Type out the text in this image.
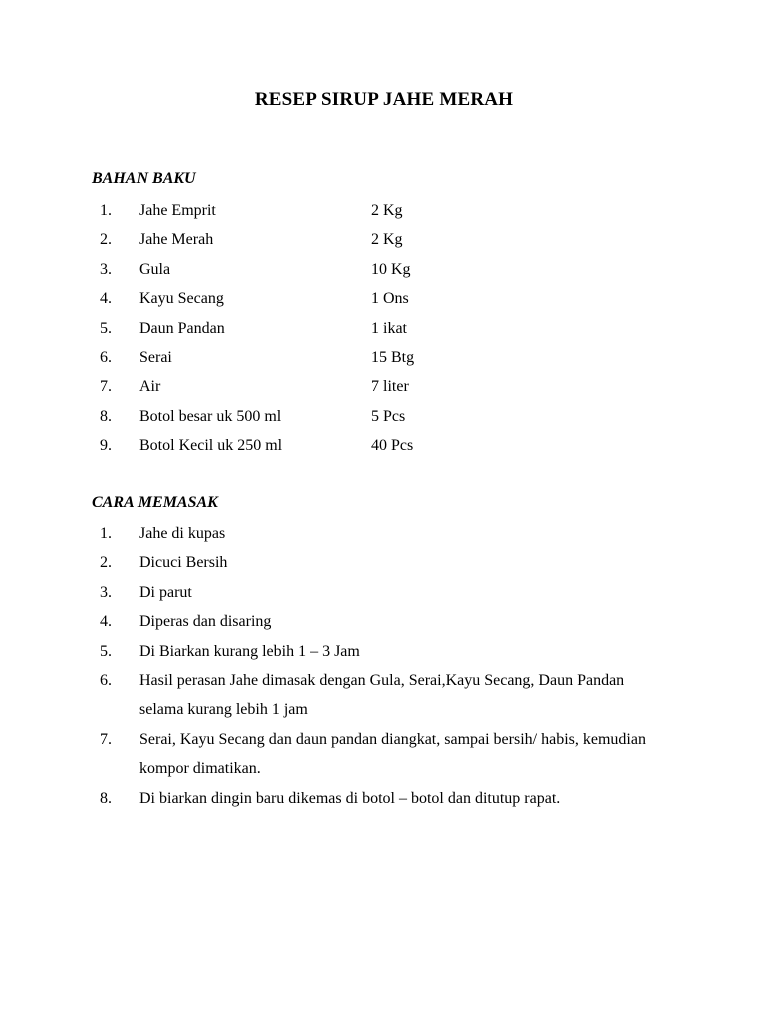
RESEP SIRUP JAHE MERAH
BAHAN BAKU
1.	Jahe Emprit	2 Kg
2.	Jahe Merah	2 Kg
3.	Gula	10 Kg
4.	Kayu Secang	1 Ons
5.	Daun Pandan	1 ikat
6.	Serai	15 Btg
7.	Air	7 liter
8.	Botol besar uk 500 ml	5 Pcs
9.	Botol Kecil uk 250 ml	40 Pcs
CARA MEMASAK
1.	Jahe di kupas
2.	Dicuci Bersih
3.	Di parut
4.	Diperas dan disaring
5.	Di Biarkan kurang lebih 1 – 3 Jam
6.	Hasil perasan Jahe dimasak dengan Gula, Serai,Kayu Secang, Daun Pandan selama kurang lebih 1 jam
7.	Serai, Kayu Secang dan daun pandan diangkat, sampai bersih/ habis, kemudian kompor dimatikan.
8.	Di biarkan dingin baru dikemas di botol – botol dan ditutup rapat.
